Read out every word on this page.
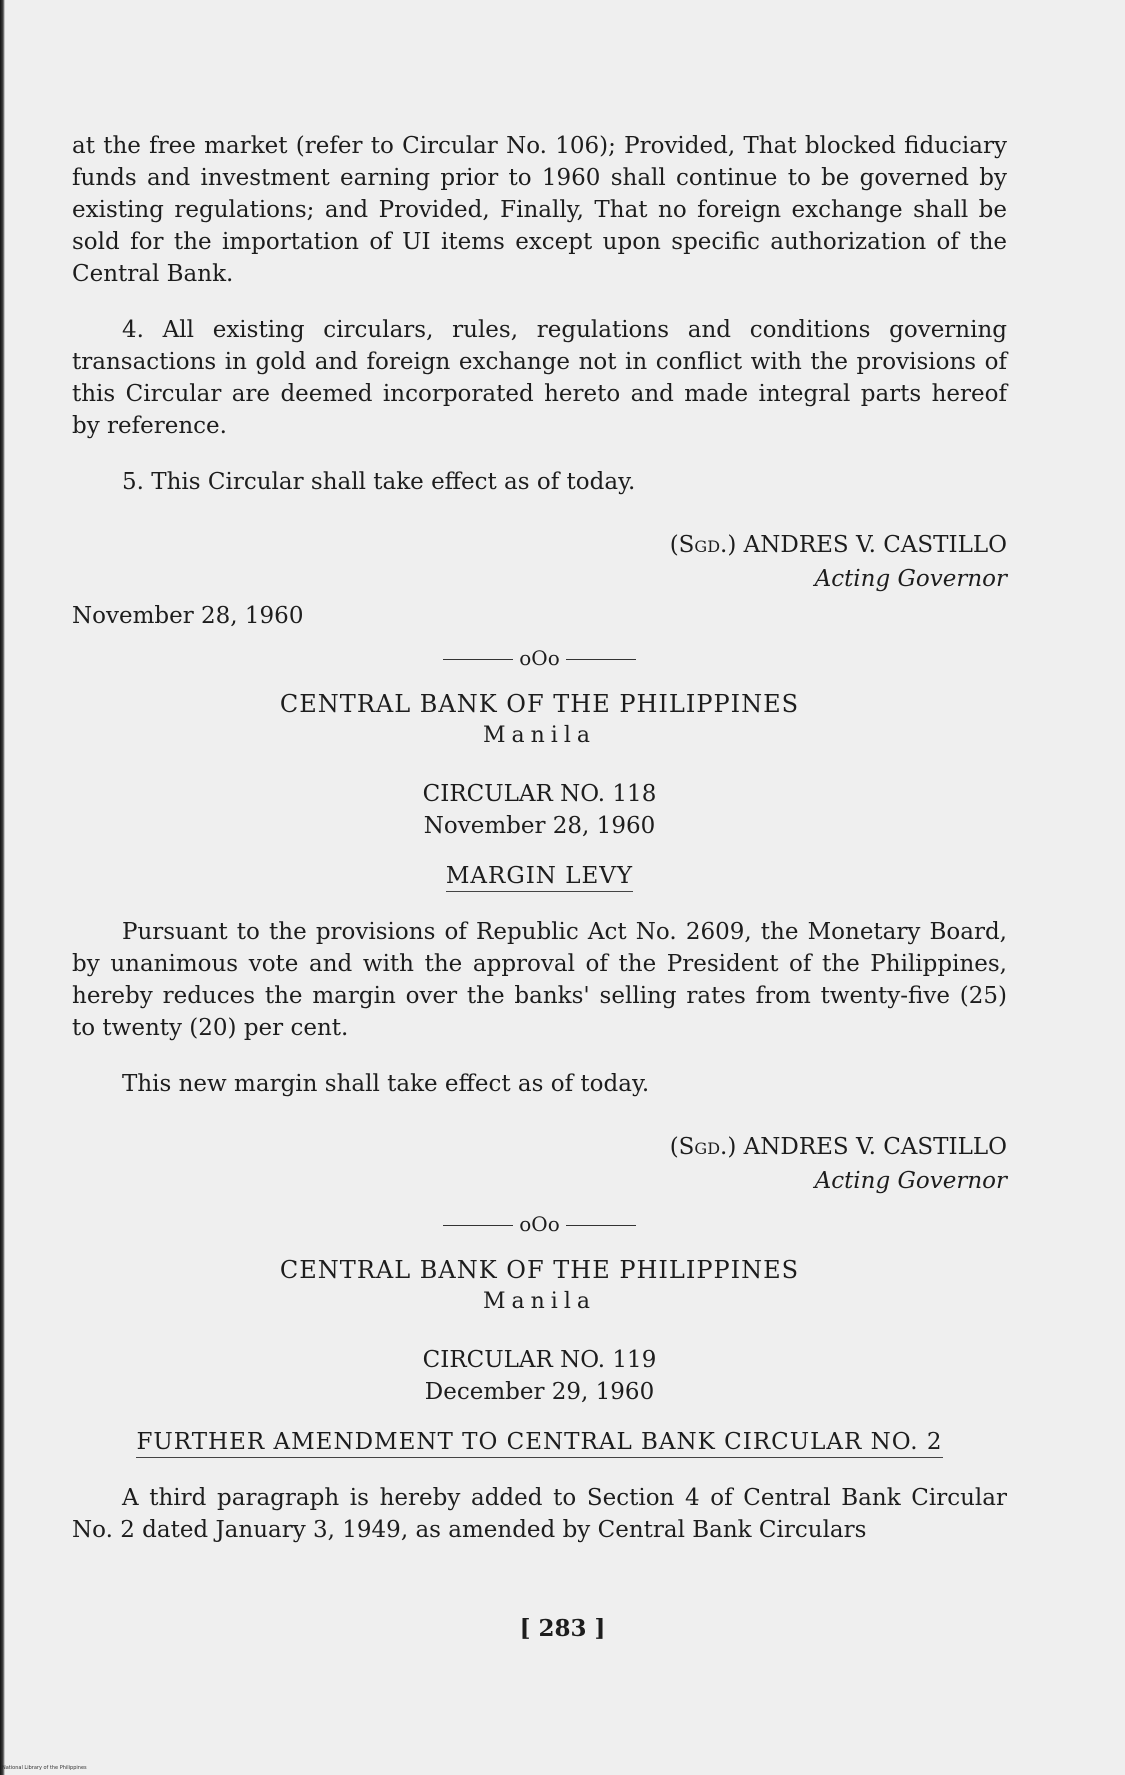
at the free market (refer to Circular No. 106); Provided, That blocked fiduciary funds and investment earning prior to 1960 shall continue to be governed by existing regulations; and Provided, Finally, That no foreign exchange shall be sold for the importation of UI items except upon specific authorization of the Central Bank.

4. All existing circulars, rules, regulations and conditions governing transactions in gold and foreign exchange not in conflict with the provisions of this Circular are deemed incorporated hereto and made integral parts hereof by reference.

5. This Circular shall take effect as of today.

(Sgd.) ANDRES V. CASTILLO
Acting Governor

November 28, 1960

oOo
CENTRAL BANK OF THE PHILIPPINES
Manila
CIRCULAR NO. 118
November 28, 1960
MARGIN LEVY

Pursuant to the provisions of Republic Act No. 2609, the Monetary Board, by unanimous vote and with the approval of the President of the Philippines, hereby reduces the margin over the banks' selling rates from twenty-five (25) to twenty (20) per cent.

This new margin shall take effect as of today.

(Sgd.) ANDRES V. CASTILLO
Acting Governor
oOo
CENTRAL BANK OF THE PHILIPPINES
Manila
CIRCULAR NO. 119
December 29, 1960
FURTHER AMENDMENT TO CENTRAL BANK CIRCULAR NO. 2

A third paragraph is hereby added to Section 4 of Central Bank Circular No. 2 dated January 3, 1949, as amended by Central Bank Circulars

[ 283 ]
National Library of the Philippines
